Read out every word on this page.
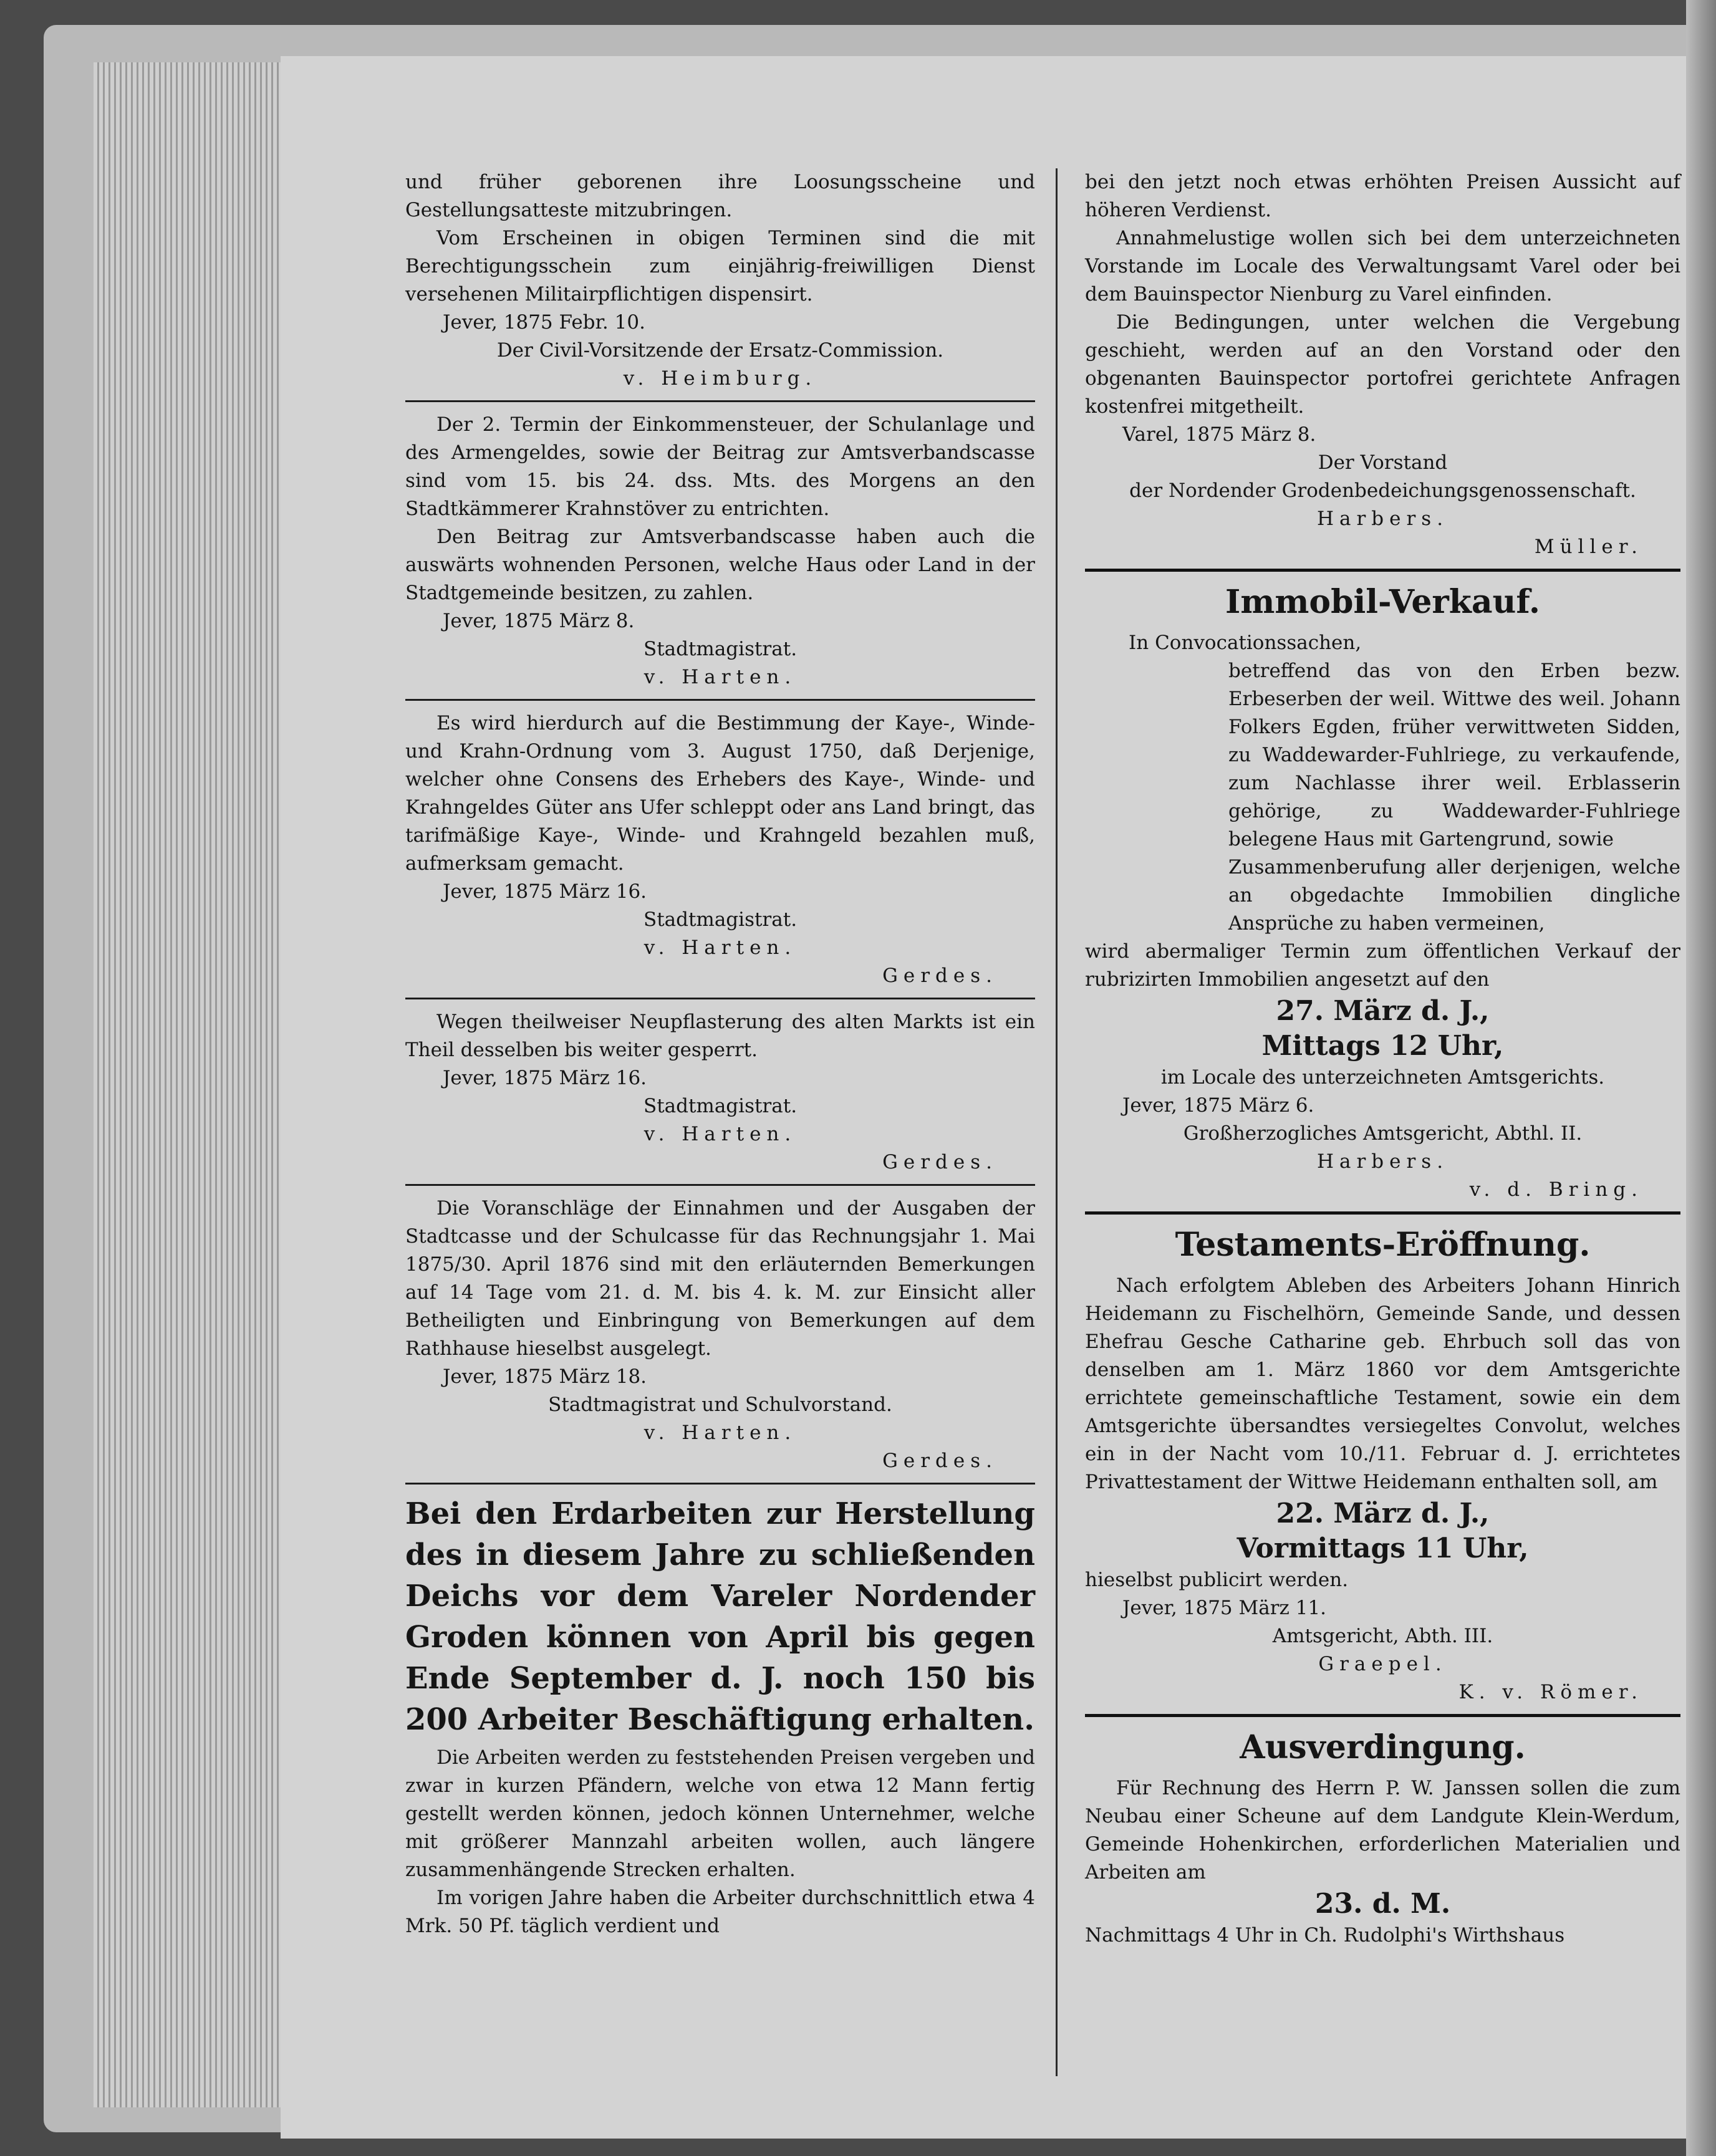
und früher geborenen ihre Loosungsscheine und Gestellungsatteste mitzubringen.

Vom Erscheinen in obigen Terminen sind die mit Berechtigungsschein zum einjährig-freiwilligen Dienst versehenen Militairpflichtigen dispensirt.

Jever, 1875 Febr. 10.

Der Civil-Vorsitzende der Ersatz-Commission.

v. Heimburg.

Der 2. Termin der Einkommensteuer, der Schulanlage und des Armengeldes, sowie der Beitrag zur Amtsverbandscasse sind vom 15. bis 24. dss. Mts. des Morgens an den Stadtkämmerer Krahnstöver zu entrichten.

Den Beitrag zur Amtsverbandscasse haben auch die auswärts wohnenden Personen, welche Haus oder Land in der Stadtgemeinde besitzen, zu zahlen.

Jever, 1875 März 8.

Stadtmagistrat.

v. Harten.

Es wird hierdurch auf die Bestimmung der Kaye-, Winde- und Krahn-Ordnung vom 3. August 1750, daß Derjenige, welcher ohne Consens des Erhebers des Kaye-, Winde- und Krahngeldes Güter ans Ufer schleppt oder ans Land bringt, das tarifmäßige Kaye-, Winde- und Krahngeld bezahlen muß, aufmerksam gemacht.

Jever, 1875 März 16.

Stadtmagistrat.

v. Harten.

Gerdes.

Wegen theilweiser Neupflasterung des alten Markts ist ein Theil desselben bis weiter gesperrt.

Jever, 1875 März 16.

Stadtmagistrat.

v. Harten.

Gerdes.

Die Voranschläge der Einnahmen und der Ausgaben der Stadtcasse und der Schulcasse für das Rechnungsjahr 1. Mai 1875/30. April 1876 sind mit den erläuternden Bemerkungen auf 14 Tage vom 21. d. M. bis 4. k. M. zur Einsicht aller Betheiligten und Einbringung von Bemerkungen auf dem Rathhause hieselbst ausgelegt.

Jever, 1875 März 18.

Stadtmagistrat und Schulvorstand.

v. Harten.

Gerdes.

Bei den Erdarbeiten zur Herstellung des in diesem Jahre zu schließenden Deichs vor dem Vareler Nordender Groden können von April bis gegen Ende September d. J. noch 150 bis 200 Arbeiter Beschäftigung erhalten.

Die Arbeiten werden zu feststehenden Preisen vergeben und zwar in kurzen Pfändern, welche von etwa 12 Mann fertig gestellt werden können, jedoch können Unternehmer, welche mit größerer Mannzahl arbeiten wollen, auch längere zusammenhängende Strecken erhalten.

Im vorigen Jahre haben die Arbeiter durchschnittlich etwa 4 Mrk. 50 Pf. täglich verdient und

bei den jetzt noch etwas erhöhten Preisen Aussicht auf höheren Verdienst.

Annahmelustige wollen sich bei dem unterzeichneten Vorstande im Locale des Verwaltungsamt Varel oder bei dem Bauinspector Nienburg zu Varel einfinden.

Die Bedingungen, unter welchen die Vergebung geschieht, werden auf an den Vorstand oder den obgenanten Bauinspector portofrei gerichtete Anfragen kostenfrei mitgetheilt.

Varel, 1875 März 8.

Der Vorstand

der Nordender Grodenbedeichungsgenossenschaft.

Harbers.

Müller.

Immobil-Verkauf.

In Convocationssachen,

betreffend das von den Erben bezw. Erbeserben der weil. Wittwe des weil. Johann Folkers Egden, früher verwittweten Sidden, zu Waddewarder-Fuhlriege, zu verkaufende, zum Nachlasse ihrer weil. Erblasserin gehörige, zu Waddewarder-Fuhlriege belegene Haus mit Gartengrund, sowie

Zusammenberufung aller derjenigen, welche an obgedachte Immobilien dingliche Ansprüche zu haben vermeinen,

wird abermaliger Termin zum öffentlichen Verkauf der rubrizirten Immobilien angesetzt auf den

27. März d. J.,

Mittags 12 Uhr,

im Locale des unterzeichneten Amtsgerichts.

Jever, 1875 März 6.

Großherzogliches Amtsgericht, Abthl. II.

Harbers.

v. d. Bring.

Testaments-Eröffnung.

Nach erfolgtem Ableben des Arbeiters Johann Hinrich Heidemann zu Fischelhörn, Gemeinde Sande, und dessen Ehefrau Gesche Catharine geb. Ehrbuch soll das von denselben am 1. März 1860 vor dem Amtsgerichte errichtete gemeinschaftliche Testament, sowie ein dem Amtsgerichte übersandtes versiegeltes Convolut, welches ein in der Nacht vom 10./11. Februar d. J. errichtetes Privattestament der Wittwe Heidemann enthalten soll, am

22. März d. J.,

Vormittags 11 Uhr,

hieselbst publicirt werden.

Jever, 1875 März 11.

Amtsgericht, Abth. III.

Graepel.

K. v. Römer.

Ausverdingung.

Für Rechnung des Herrn P. W. Janssen sollen die zum Neubau einer Scheune auf dem Landgute Klein-Werdum, Gemeinde Hohenkirchen, erforderlichen Materialien und Arbeiten am

23. d. M.

Nachmittags 4 Uhr in Ch. Rudolphi's Wirthshaus
